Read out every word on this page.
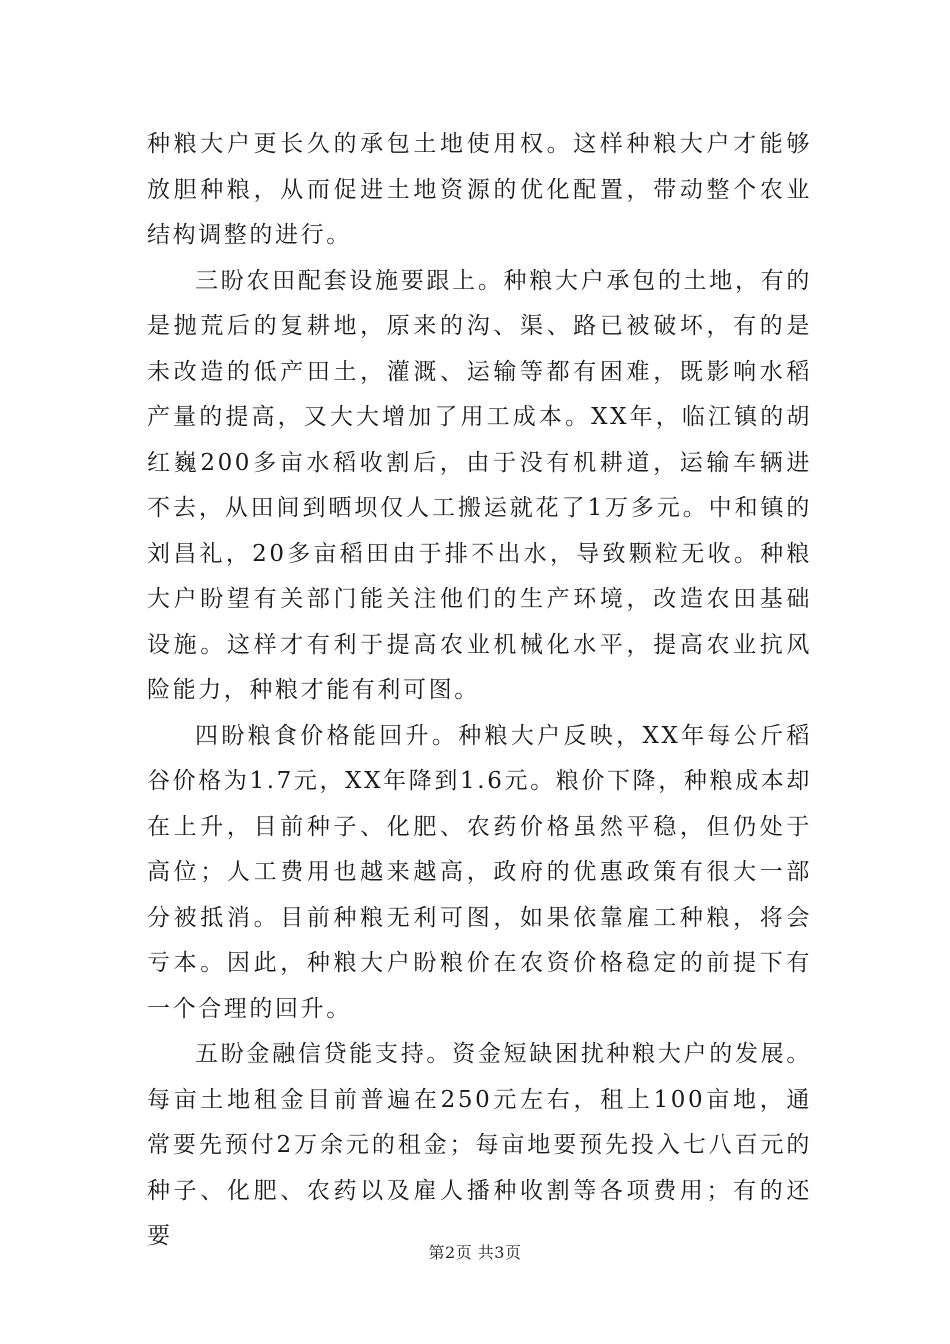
种粮大户更长久的承包土地使用权。这样种粮大户才能够放胆种粮，从而促进土地资源的优化配置，带动整个农业结构调整的进行。

三盼农田配套设施要跟上。种粮大户承包的土地，有的是抛荒后的复耕地，原来的沟、渠、路已被破坏，有的是未改造的低产田土，灌溉、运输等都有困难，既影响水稻产量的提高，又大大增加了用工成本。XX年，临江镇的胡红巍200多亩水稻收割后，由于没有机耕道，运输车辆进不去，从田间到晒坝仅人工搬运就花了1万多元。中和镇的刘昌礼，20多亩稻田由于排不出水，导致颗粒无收。种粮大户盼望有关部门能关注他们的生产环境，改造农田基础设施。这样才有利于提高农业机械化水平，提高农业抗风险能力，种粮才能有利可图。

四盼粮食价格能回升。种粮大户反映，XX年每公斤稻谷价格为1.7元，XX年降到1.6元。粮价下降，种粮成本却在上升，目前种子、化肥、农药价格虽然平稳，但仍处于高位；人工费用也越来越高，政府的优惠政策有很大一部分被抵消。目前种粮无利可图，如果依靠雇工种粮，将会亏本。因此，种粮大户盼粮价在农资价格稳定的前提下有一个合理的回升。

五盼金融信贷能支持。资金短缺困扰种粮大户的发展。每亩土地租金目前普遍在250元左右，租上100亩地，通常要先预付2万余元的租金；每亩地要预先投入七八百元的种子、化肥、农药以及雇人播种收割等各项费用；有的还要

第2页 共3页
